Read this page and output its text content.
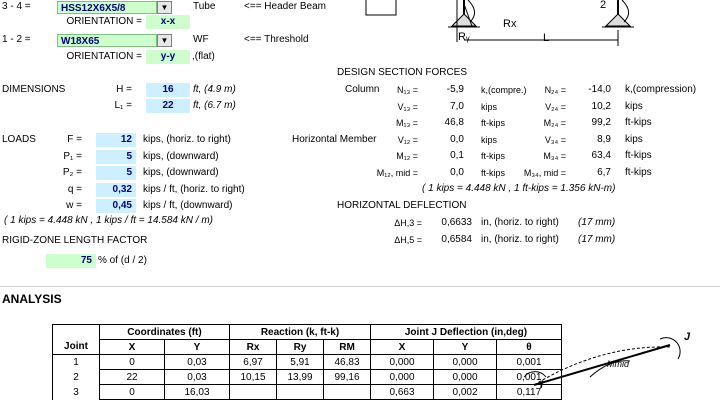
3 - 4 =	HSS12X6X5/8	▼	Tube	<== Header Beam
ORIENTATION =	x-x
1 - 2 =	W18X65	▼	WF	<== Threshold
ORIENTATION =	y-y	,(flat)
Rᵧ
Rx
L
2
DIMENSIONS	H =	16	ft, (4.9 m)
L₁ =	22	ft, (6.7 m)
LOADS	F =	12	kips, (horiz. to right)
P₁ =	5	kips, (downward)
P₂ =	5	kips, (downward)
q =	0,32	kips / ft, (horiz. to right)
w =	0,45	kips / ft, (downward)
( 1 kips = 4.448 kN , 1 kips / ft = 14.584 kN / m)
RIGID-ZONE LENGTH FACTOR
75 % of (d / 2)
DESIGN SECTION FORCES
Column
Horizontal Member
N₁₃ =	-5,9 k,(compre.)	N₂₄ =	-14,0 k,(compression)
V₁₃ =	7,0 kips	V₂₄ =	10,2 kips
M₁₃ =	46,8 ft-kips	M₂₄ =	99,2 ft-kips
V₁₂ =	0,0 kips	V₃₄ =	8,9 kips
M₁₂ =	0,1 ft-kips	M₃₄ =	63,4 ft-kips
M₁₂, mid =	0,0 ft-kips M₃₄, mid =	6,7 ft-kips
( 1 kips = 4.448 kN , 1 ft-kips = 1.356 kN-m)
HORIZONTAL DEFLECTION
ΔH,3 =	0,6633 in, (horiz. to right) (17 mm)
ΔH,5 =	0,6584 in, (horiz. to right) (17 mm)
ANALYSIS
	Coordinates (ft)		Reaction (k, ft-k)			Joint J Deflection (in,deg)		
Joint	X	Y	Rx	Ry	RM	X	Y	θ
1	0	0,03	6,97	5,91	46,83	0,000	0,000	0,001
2	22	0,03	10,15	13,99	99,16	0,000	0,000	0,001
3	0	16,03				0,663	0,002	0,117
Mmid
J
I
